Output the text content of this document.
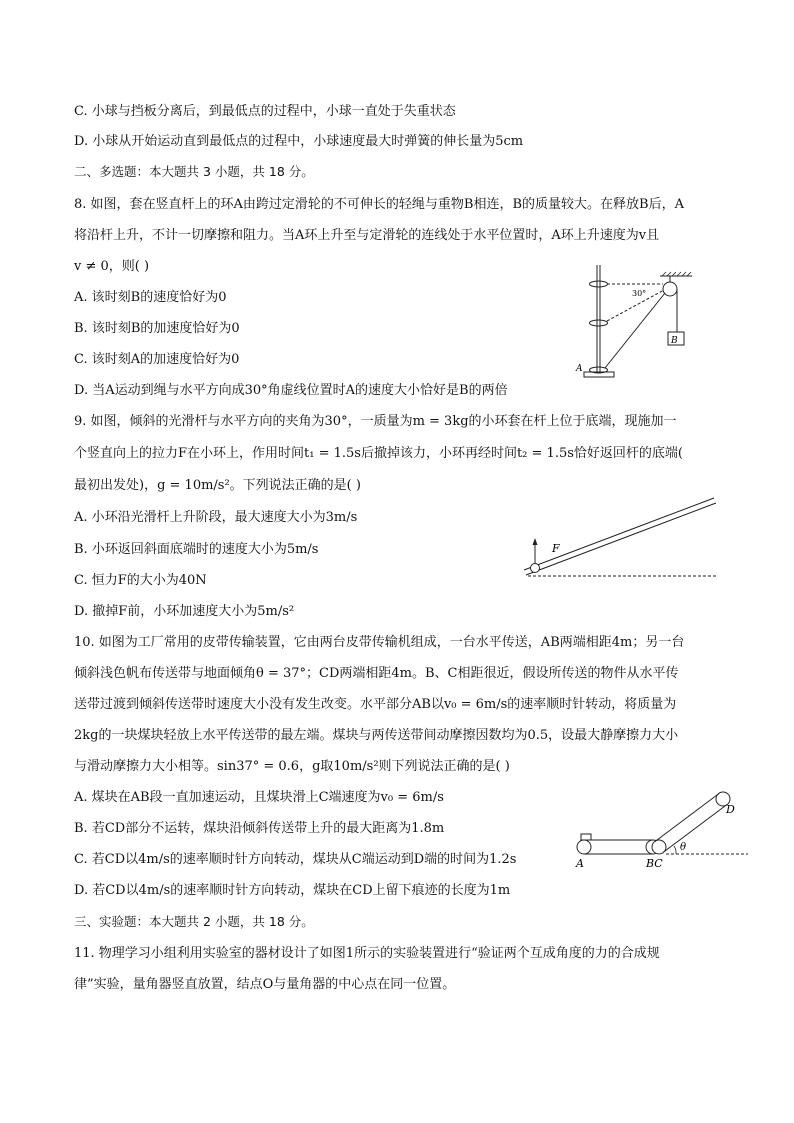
C. 小球与挡板分离后，到最低点的过程中，小球一直处于失重状态
D. 小球从开始运动直到最低点的过程中，小球速度最大时弹簧的伸长量为5cm
二、多选题：本大题共 3 小题，共 18 分。
8. 如图，套在竖直杆上的环A由跨过定滑轮的不可伸长的轻绳与重物B相连，B的质量较大。在释放B后，A
将沿杆上升，不计一切摩擦和阻力。当A环上升至与定滑轮的连线处于水平位置时，A环上升速度为v且
v ≠ 0，则( )
A. 该时刻B的速度恰好为0
B. 该时刻B的加速度恰好为0
C. 该时刻A的加速度恰好为0
D. 当A运动到绳与水平方向成30°角虚线位置时A的速度大小恰好是B的两倍
B
A
30°
9. 如图，倾斜的光滑杆与水平方向的夹角为30°，一质量为m = 3kg的小环套在杆上位于底端，现施加一
个竖直向上的拉力F在小环上，作用时间t₁ = 1.5s后撤掉该力，小环再经时间t₂ = 1.5s恰好返回杆的底端(
最初出发处)，g = 10m/s²。下列说法正确的是( )
A. 小环沿光滑杆上升阶段，最大速度大小为3m/s
B. 小环返回斜面底端时的速度大小为5m/s
C. 恒力F的大小为40N
D. 撤掉F前，小环加速度大小为5m/s²
F
10. 如图为工厂常用的皮带传输装置，它由两台皮带传输机组成，一台水平传送，AB两端相距4m；另一台
倾斜浅色帆布传送带与地面倾角θ = 37°；CD两端相距4m。B、C相距很近，假设所传送的物件从水平传
送带过渡到倾斜传送带时速度大小没有发生改变。水平部分AB以v₀ = 6m/s的速率顺时针转动，将质量为
2kg的一块煤块轻放上水平传送带的最左端。煤块与两传送带间动摩擦因数均为0.5，设最大静摩擦力大小
与滑动摩擦力大小相等。sin37° = 0.6，g取10m/s²则下列说法正确的是( )
A. 煤块在AB段一直加速运动，且煤块滑上C端速度为v₀ = 6m/s
B. 若CD部分不运转，煤块沿倾斜传送带上升的最大距离为1.8m
C. 若CD以4m/s的速率顺时针方向转动，煤块从C端运动到D端的时间为1.2s
D. 若CD以4m/s的速率顺时针方向转动，煤块在CD上留下痕迹的长度为1m
A	BC
D
θ
三、实验题：本大题共 2 小题，共 18 分。
11. 物理学习小组利用实验室的器材设计了如图1所示的实验装置进行“验证两个互成角度的力的合成规
律”实验，量角器竖直放置，结点O与量角器的中心点在同一位置。
